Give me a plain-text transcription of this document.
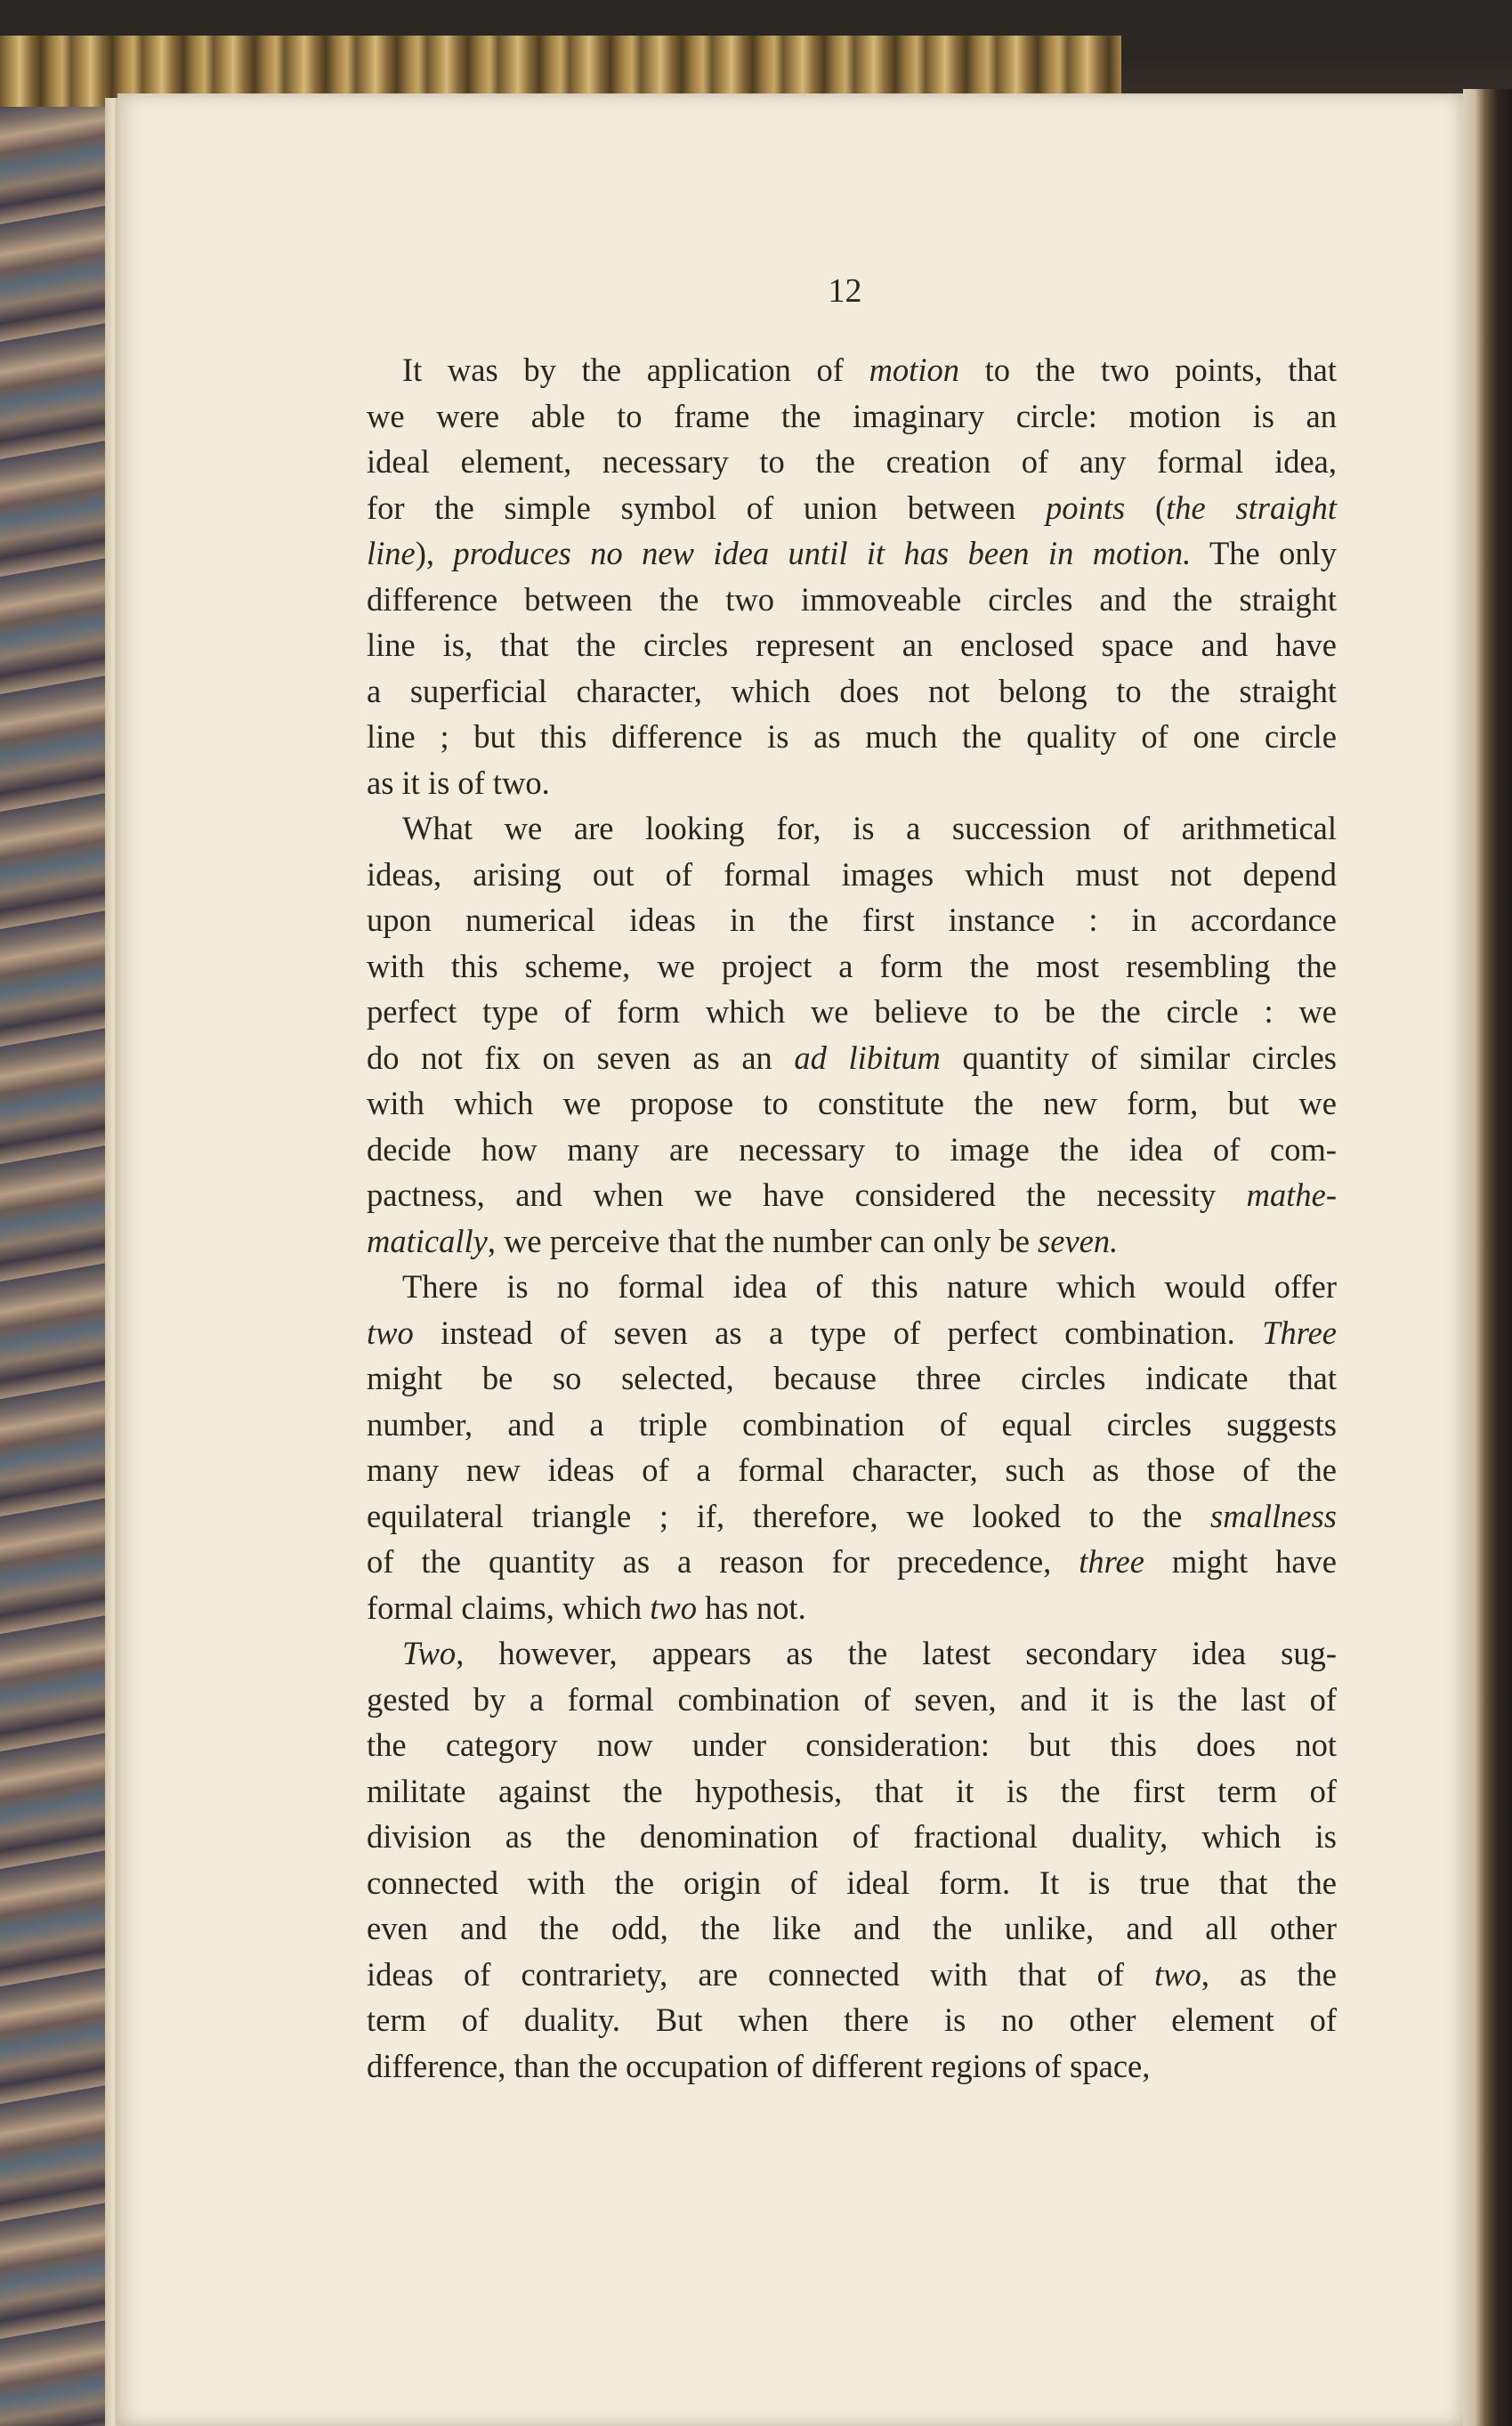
12
It was by the application of motion to the two points, that
we were able to frame the imaginary circle: motion is an
ideal element, necessary to the creation of any formal idea,
for the simple symbol of union between points (the straight
line), produces no new idea until it has been in motion. The only
difference between the two immoveable circles and the straight
line is, that the circles represent an enclosed space and have
a superficial character, which does not belong to the straight
line ; but this difference is as much the quality of one circle
as it is of two.
What we are looking for, is a succession of arithmetical
ideas, arising out of formal images which must not depend
upon numerical ideas in the first instance : in accordance
with this scheme, we project a form the most resembling the
perfect type of form which we believe to be the circle : we
do not fix on seven as an ad libitum quantity of similar circles
with which we propose to constitute the new form, but we
decide how many are necessary to image the idea of com-
pactness, and when we have considered the necessity mathe-
matically, we perceive that the number can only be seven.
There is no formal idea of this nature which would offer
two instead of seven as a type of perfect combination. Three
might be so selected, because three circles indicate that
number, and a triple combination of equal circles suggests
many new ideas of a formal character, such as those of the
equilateral triangle ; if, therefore, we looked to the smallness
of the quantity as a reason for precedence, three might have
formal claims, which two has not.
Two, however, appears as the latest secondary idea sug-
gested by a formal combination of seven, and it is the last of
the category now under consideration: but this does not
militate against the hypothesis, that it is the first term of
division as the denomination of fractional duality, which is
connected with the origin of ideal form. It is true that the
even and the odd, the like and the unlike, and all other
ideas of contrariety, are connected with that of two, as the
term of duality. But when there is no other element of
difference, than the occupation of different regions of space,
